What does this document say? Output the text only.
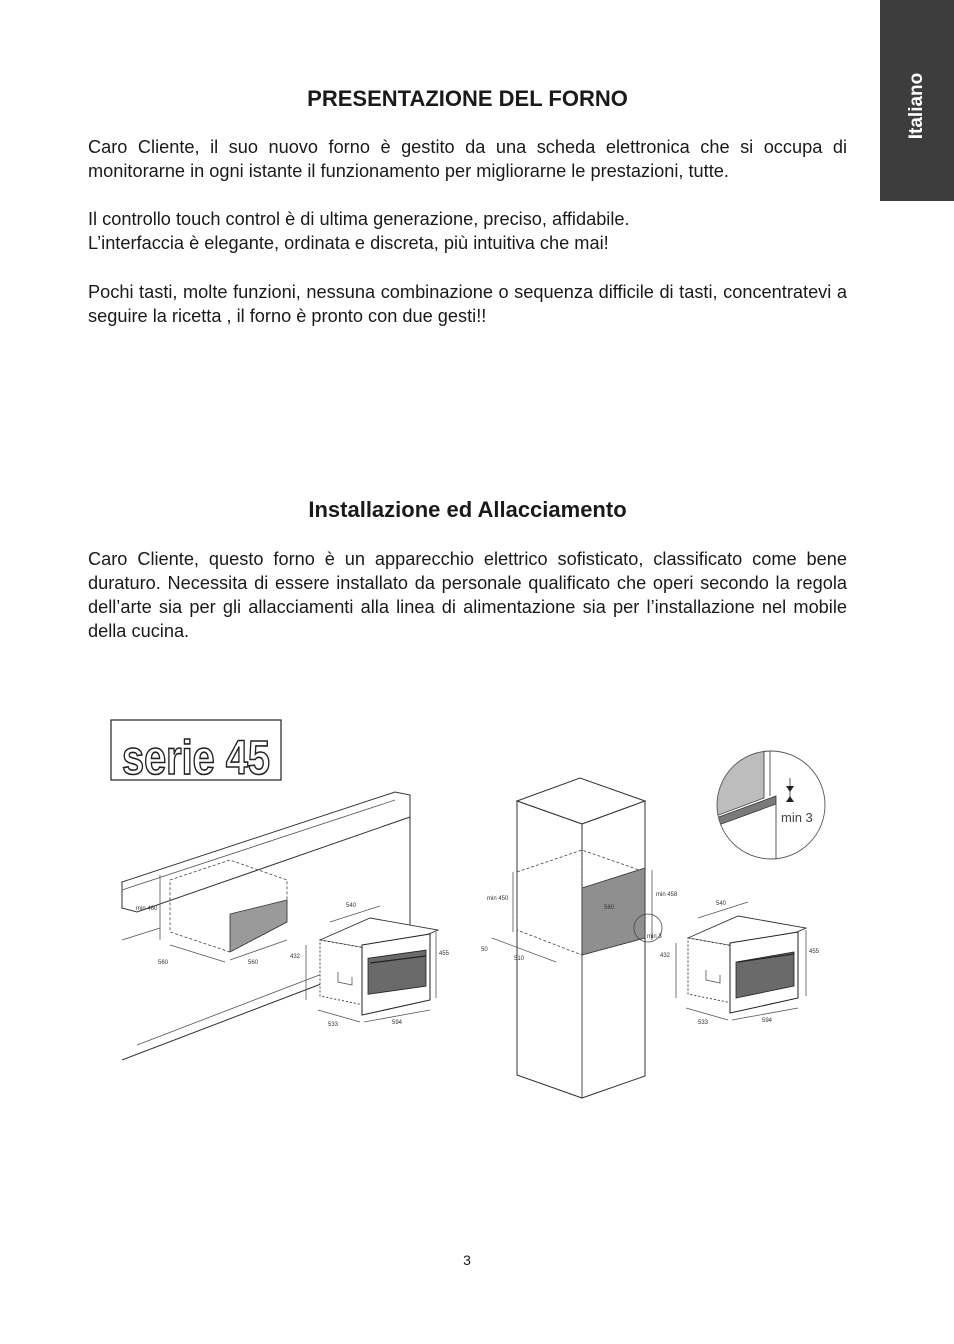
Italiano
PRESENTAZIONE DEL FORNO

Caro Cliente, il suo nuovo forno è gestito da una scheda elettronica che si occupa di monitorarne in ogni istante il funzionamento per migliorarne le prestazioni, tutte.

Il controllo touch control è di ultima generazione, preciso, affidabile.
L’interfaccia è elegante, ordinata e discreta, più intuitiva che mai!

Pochi tasti, molte funzioni, nessuna combinazione o sequenza difficile di tasti, concentratevi a seguire la ricetta , il forno è pronto con due gesti!!

Installazione ed Allacciamento

Caro Cliente, questo forno è un apparecchio elettrico sofisticato, classificato come bene duraturo. Necessita di essere installato da personale qualificato che operi secondo la regola dell’arte sia per gli allacciamenti alla linea di alimentazione sia per l’installazione nel mobile della cucina.

serie 45
min 460
560	560
540
432	455
533	594
min 450
min 458
560
50
510
min 3
540
432
455
533	594
min 3
3
